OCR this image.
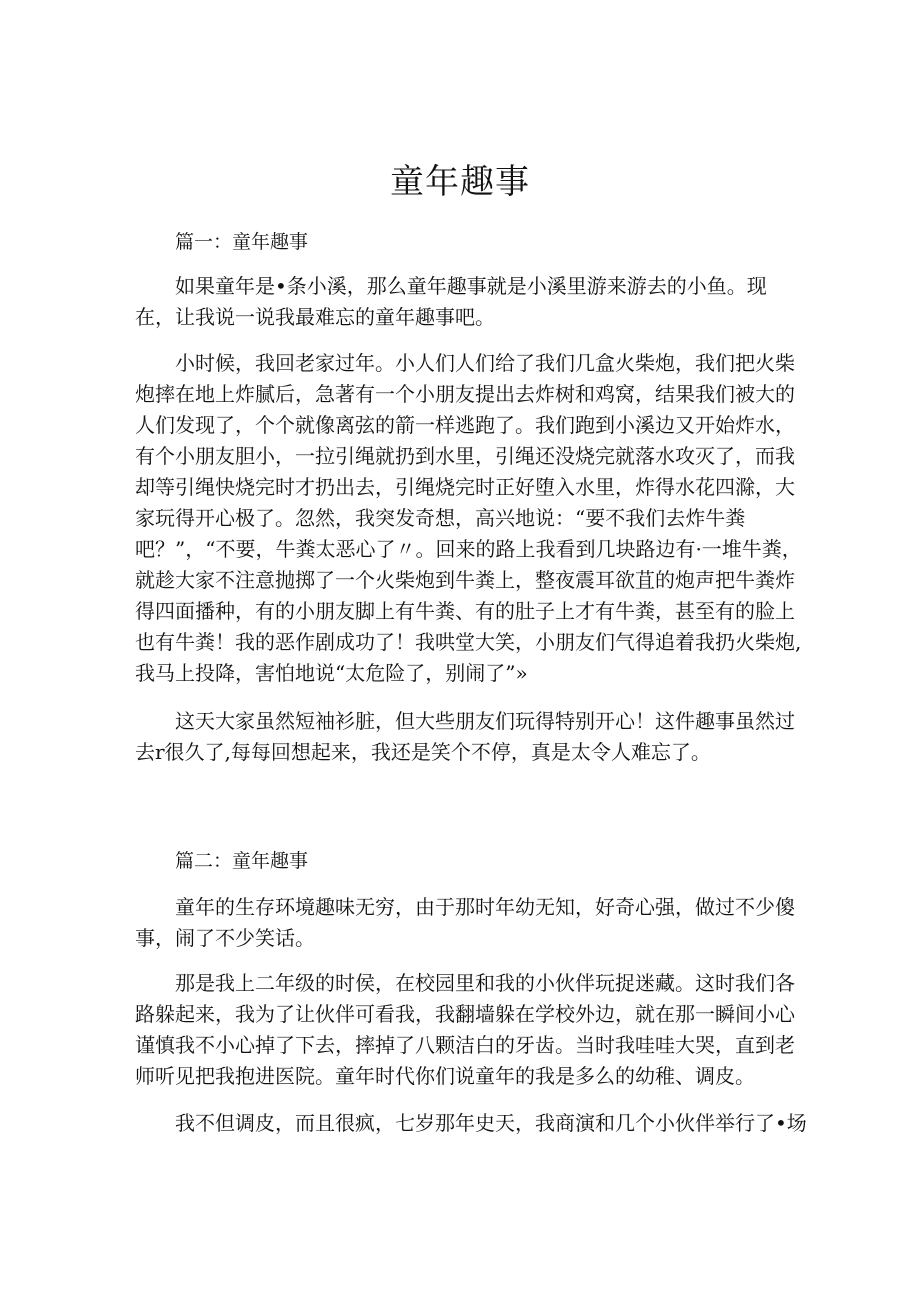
童年趣事

篇一：童年趣事

如果童年是•条小溪，那么童年趣事就是小溪里游来游去的小鱼。现
在，让我说一说我最难忘的童年趣事吧。
小时候，我回老家过年。小人们人们给了我们几盒火柴炮，我们把火柴
炮摔在地上炸腻后，急著有一个小朋友提出去炸树和鸡窝，结果我们被大的
人们发现了，个个就像离弦的箭一样逃跑了。我们跑到小溪边又开始炸水，
有个小朋友胆小，一拉引绳就扔到水里，引绳还没烧完就落水攻灭了，而我
却等引绳快烧完时才扔出去，引绳烧完时正好堕入水里，炸得水花四滁，大
家玩得开心极了。忽然，我突发奇想，高兴地说：“要不我们去炸牛粪
吧？”，“不要，牛粪太恶心了〃。回来的路上我看到几块路边有·一堆牛粪，
就趁大家不注意抛掷了一个火柴炮到牛粪上，整夜震耳欲苴的炮声把牛粪炸
得四面播种，有的小朋友脚上有牛粪、有的肚子上才有牛粪，甚至有的脸上
也有牛粪！我的恶作剧成功了！我哄堂大笑，小朋友们气得追着我扔火柴炮,
我马上投降，害怕地说“太危险了，别闹了”»
这天大家虽然短袖衫脏，但大些朋友们玩得特别开心！这件趣事虽然过
去r很久了,每每回想起来，我还是笑个不停，真是太令人难忘了。

篇二：童年趣事

童年的生存环境趣味无穷，由于那时年幼无知，好奇心强，做过不少傻
事，闹了不少笑话。
那是我上二年级的时侯，在校园里和我的小伙伴玩捉迷藏。这时我们各
路躲起来，我为了让伙伴可看我，我翻墙躲在学校外边，就在那一瞬间小心
谨慎我不小心掉了下去，摔掉了八颗洁白的牙齿。当时我哇哇大哭，直到老
师听见把我抱进医院。童年时代你们说童年的我是多么的幼稚、调皮。
我不但调皮，而且很疯，七岁那年史天，我商演和几个小伙伴举行了•场
